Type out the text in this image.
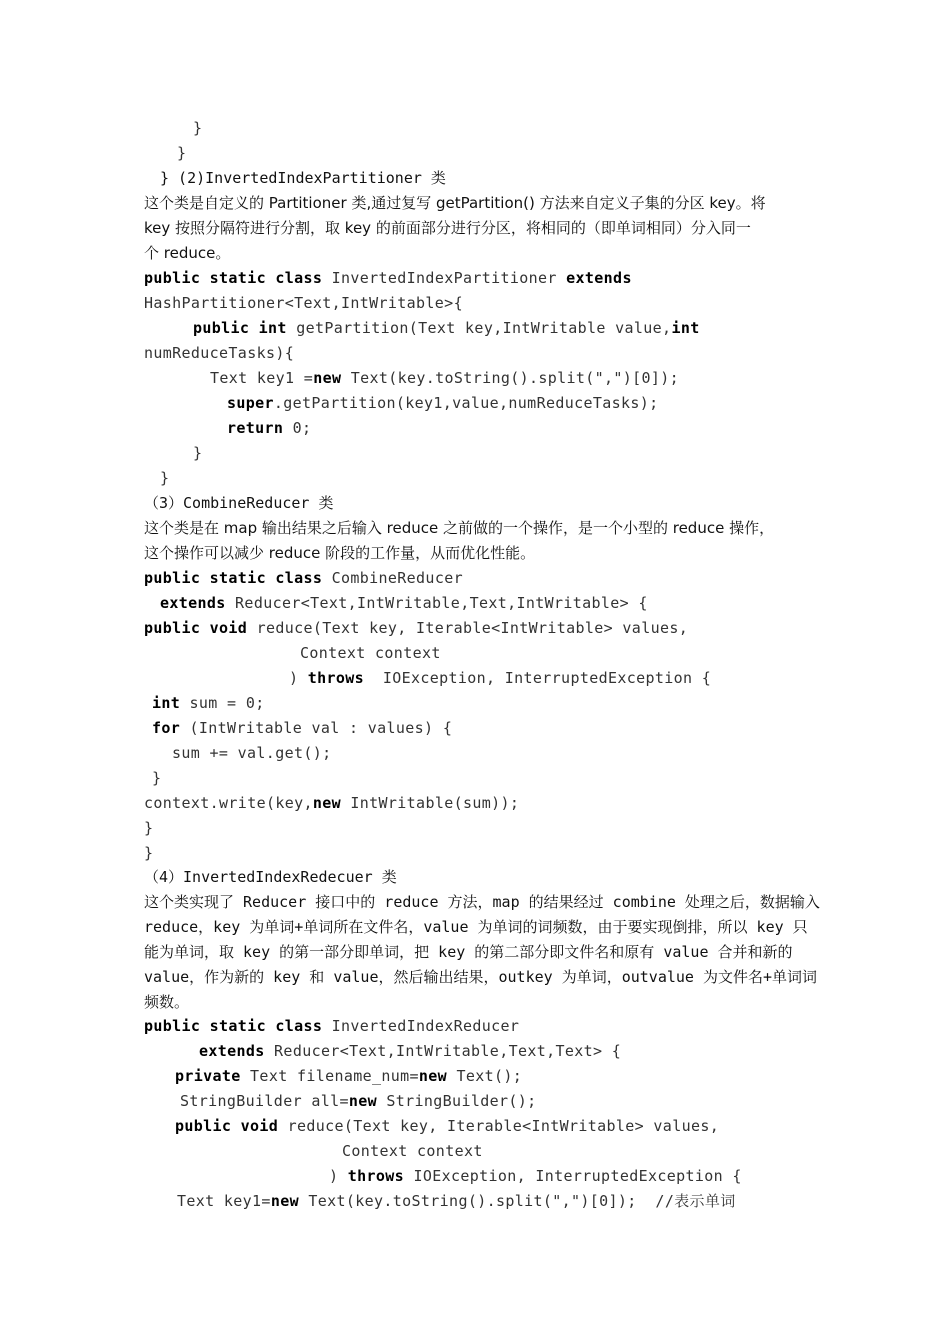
}
}
} (2)InvertedIndexPartitioner 类
这个类是自定义的 Partitioner 类,通过复写 getPartition() 方法来自定义子集的分区 key。将
key 按照分隔符进行分割，取 key 的前面部分进行分区，将相同的（即单词相同）分入同一
个 reduce。
public static class InvertedIndexPartitioner extends
HashPartitioner<Text,IntWritable>{
public int getPartition(Text key,IntWritable value,int
numReduceTasks){
Text key1 =new Text(key.toString().split(",")[0]);
super.getPartition(key1,value,numReduceTasks);
return 0;
}
}
（3）CombineReducer 类
这个类是在 map 输出结果之后输入 reduce 之前做的一个操作，是一个小型的 reduce 操作，
这个操作可以减少 reduce 阶段的工作量，从而优化性能。
public static class CombineReducer
extends Reducer<Text,IntWritable,Text,IntWritable> {
public void reduce(Text key, Iterable<IntWritable> values,
Context context
) throws  IOException, InterruptedException {
int sum = 0;
for (IntWritable val : values) {
sum += val.get();
}
context.write(key,new IntWritable(sum));
}
}
（4）InvertedIndexRedecuer 类
这个类实现了 Reducer 接口中的 reduce 方法，map 的结果经过 combine 处理之后，数据输入
reduce，key 为单词+单词所在文件名，value 为单词的词频数，由于要实现倒排，所以 key 只
能为单词，取 key 的第一部分即单词，把 key 的第二部分即文件名和原有 value 合并和新的
value，作为新的 key 和 value，然后输出结果，outkey 为单词，outvalue 为文件名+单词词
频数。
public static class InvertedIndexReducer
extends Reducer<Text,IntWritable,Text,Text> {
private Text filename_num=new Text();
StringBuilder all=new StringBuilder();
public void reduce(Text key, Iterable<IntWritable> values,
Context context
) throws IOException, InterruptedException {
Text key1=new Text(key.toString().split(",")[0]);  //表示单词
